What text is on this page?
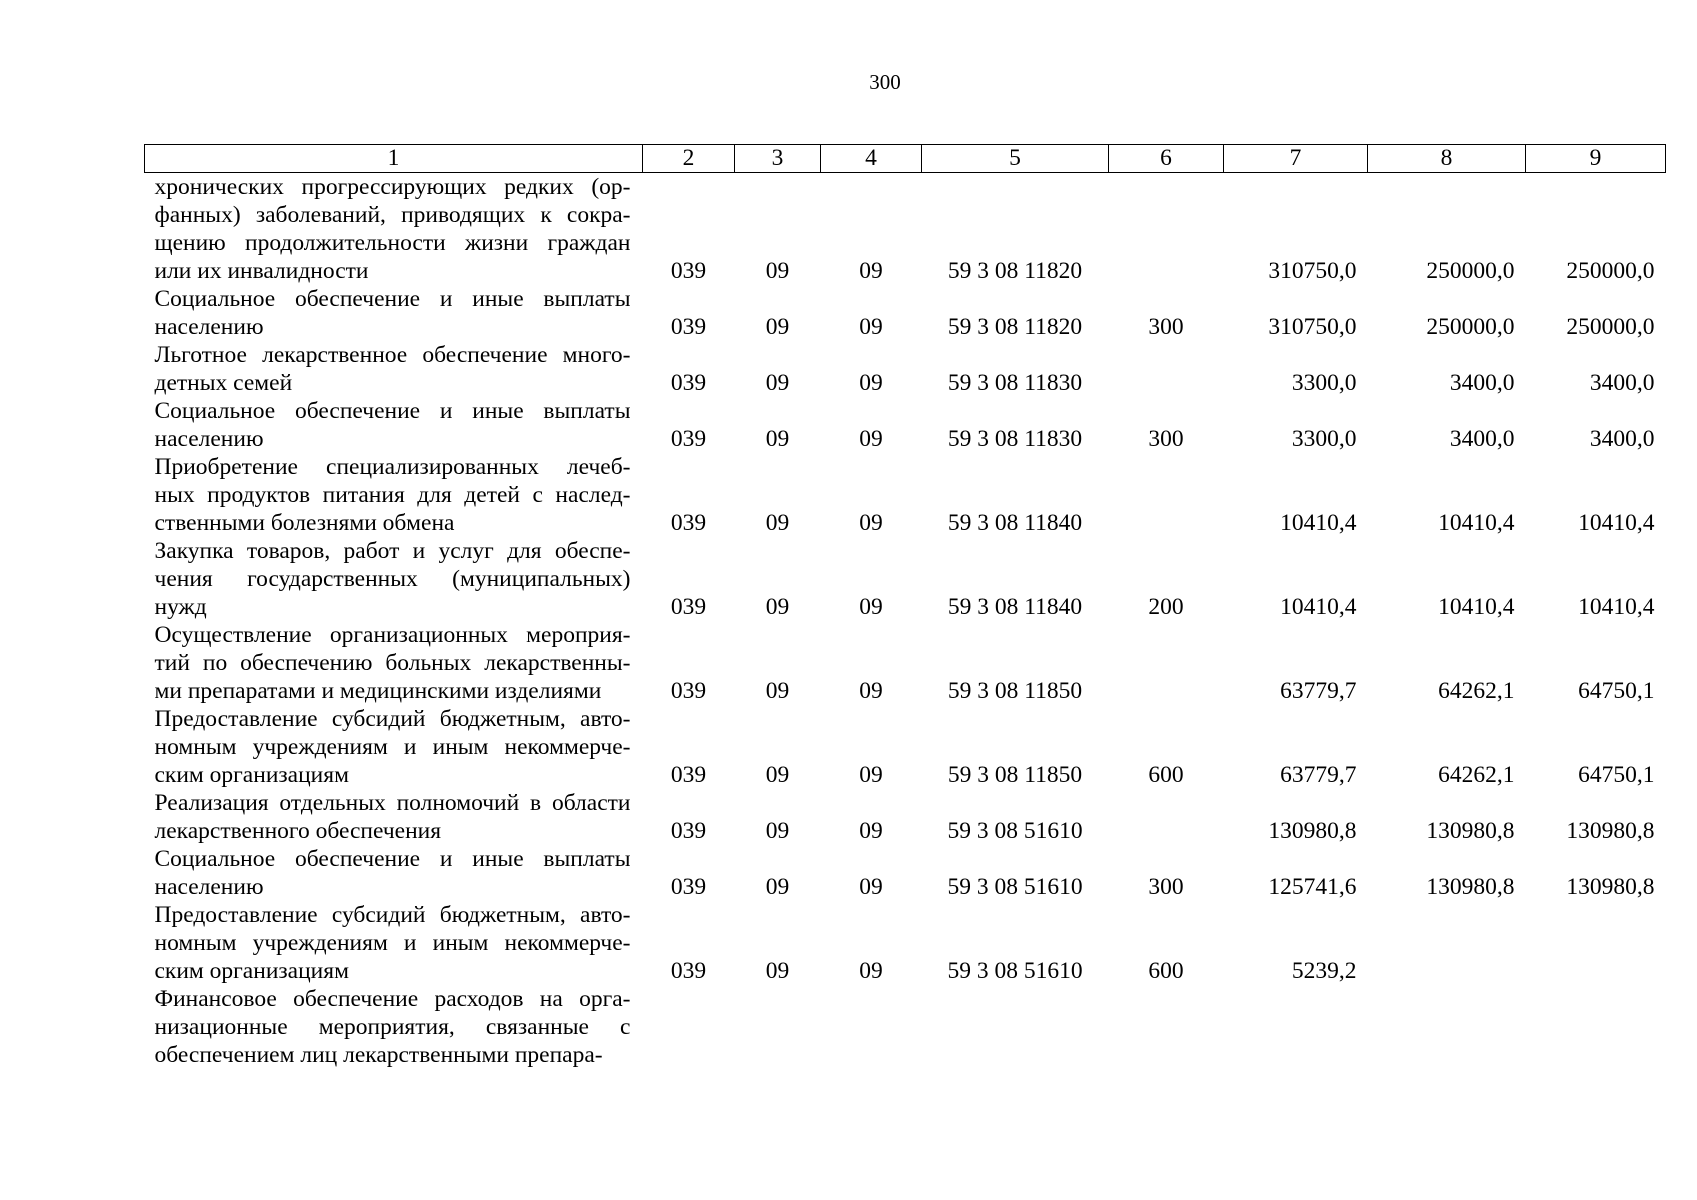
300
1	2	3	4	5	6	7	8	9

хронических прогрессирующих редких (ор-
фанных) заболеваний, приводящих к сокра-
щению продолжительности жизни граждан
или их инвалидности	039	09	09	59 3 08 11820		310750,0	250000,0	250000,0

Социальное обеспечение и иные выплаты
населению	039	09	09	59 3 08 11820	300	310750,0	250000,0	250000,0

Льготное лекарственное обеспечение много-
детных семей	039	09	09	59 3 08 11830		3300,0	3400,0	3400,0

Социальное обеспечение и иные выплаты
населению	039	09	09	59 3 08 11830	300	3300,0	3400,0	3400,0

Приобретение специализированных лечеб-
ных продуктов питания для детей с наслед-
ственными болезнями обмена	039	09	09	59 3 08 11840		10410,4	10410,4	10410,4

Закупка товаров, работ и услуг для обеспе-
чения государственных (муниципальных)
нужд	039	09	09	59 3 08 11840	200	10410,4	10410,4	10410,4

Осуществление организационных мероприя-
тий по обеспечению больных лекарственны-
ми препаратами и медицинскими изделиями	039	09	09	59 3 08 11850		63779,7	64262,1	64750,1

Предоставление субсидий бюджетным, авто-
номным учреждениям и иным некоммерче-
ским организациям	039	09	09	59 3 08 11850	600	63779,7	64262,1	64750,1

Реализация отдельных полномочий в области
лекарственного обеспечения	039	09	09	59 3 08 51610		130980,8	130980,8	130980,8

Социальное обеспечение и иные выплаты
населению	039	09	09	59 3 08 51610	300	125741,6	130980,8	130980,8

Предоставление субсидий бюджетным, авто-
номным учреждениям и иным некоммерче-
ским организациям	039	09	09	59 3 08 51610	600	5239,2		

Финансовое обеспечение расходов на орга-
низационные мероприятия, связанные с
обеспечением лиц лекарственными препара-								
